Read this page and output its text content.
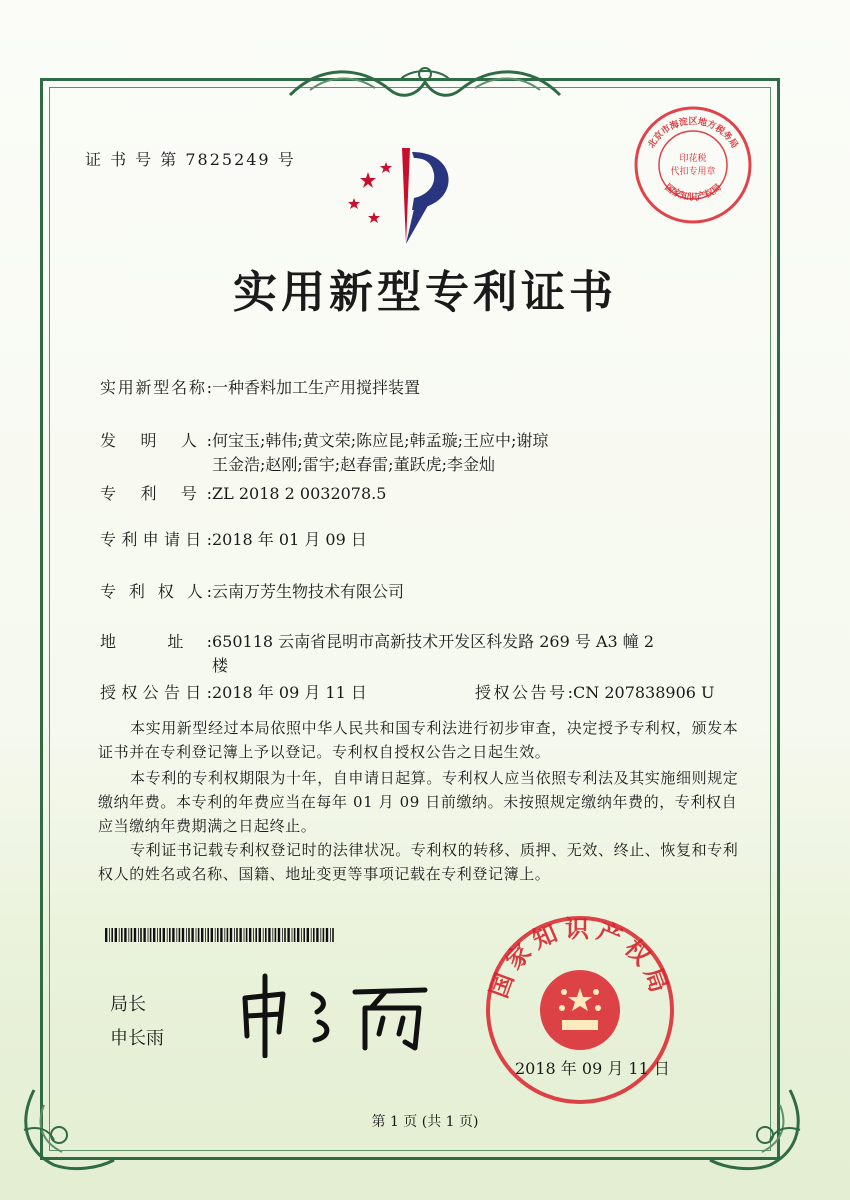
证 书 号 第 7825249 号
实用新型专利证书
实用新型名称:一种香料加工生产用搅拌装置
发 明 人:何宝玉;韩伟;黄文荣;陈应昆;韩孟璇;王应中;谢琼
王金浩;赵刚;雷宇;赵春雷;董跃虎;李金灿
专 利 号:ZL 2018 2 0032078.5
专利申请日:2018 年 01 月 09 日
专 利 权 人:云南万芳生物技术有限公司
地 址:650118 云南省昆明市高新技术开发区科发路 269 号 A3 幢 2
楼
授权公告日:2018 年 09 月 11 日	授权公告号:CN 207838906 U
本实用新型经过本局依照中华人民共和国专利法进行初步审查，决定授予专利权，颁发本证书并在专利登记簿上予以登记。专利权自授权公告之日起生效。
本专利的专利权期限为十年，自申请日起算。专利权人应当依照专利法及其实施细则规定缴纳年费。本专利的年费应当在每年 01 月 09 日前缴纳。未按照规定缴纳年费的，专利权自应当缴纳年费期满之日起终止。
专利证书记载专利权登记时的法律状况。专利权的转移、质押、无效、终止、恢复和专利权人的姓名或名称、国籍、地址变更等事项记载在专利登记簿上。
局长
申长雨
国家知识产权局
2018 年 09 月 11 日
北京市海淀区地方税务局
印花税
代扣专用章
国家知识产权局
第 1 页 (共 1 页)
